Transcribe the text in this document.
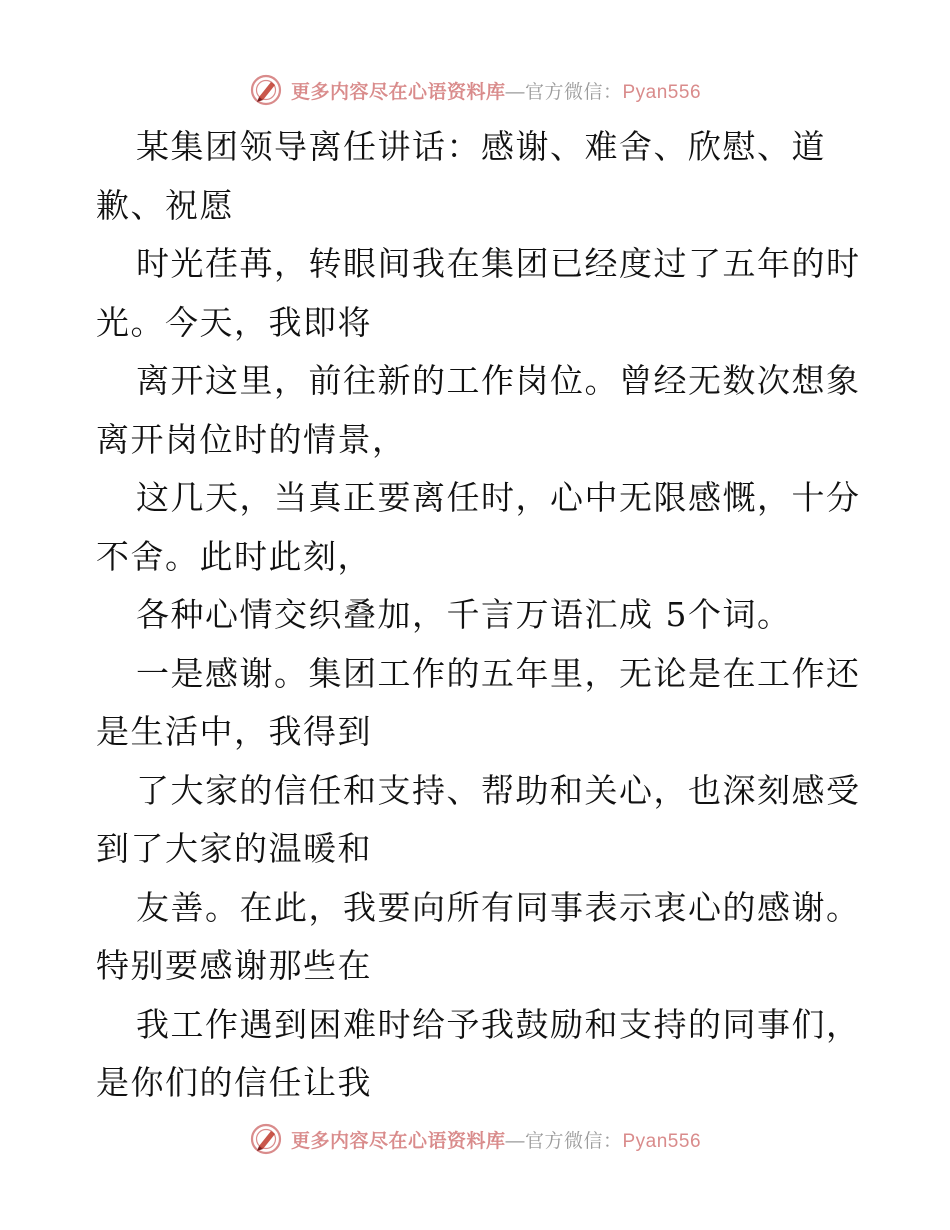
更多内容尽在心语资料库 — 官方微信： Pyan556
某集团领导离任讲话：感谢、难舍、欣慰、道
歉、祝愿
时光荏苒，转眼间我在集团已经度过了五年的时
光。今天，我即将
离开这里，前往新的工作岗位。曾经无数次想象
离开岗位时的情景，
这几天，当真正要离任时，心中无限感慨，十分
不舍。此时此刻，
各种心情交织叠加，千言万语汇成 5个词。
一是感谢。集团工作的五年里，无论是在工作还
是生活中，我得到
了大家的信任和支持、帮助和关心，也深刻感受
到了大家的温暖和
友善。在此，我要向所有同事表示衷心的感谢。
特别要感谢那些在
我工作遇到困难时给予我鼓励和支持的同事们，
是你们的信任让我
更多内容尽在心语资料库 — 官方微信： Pyan556
